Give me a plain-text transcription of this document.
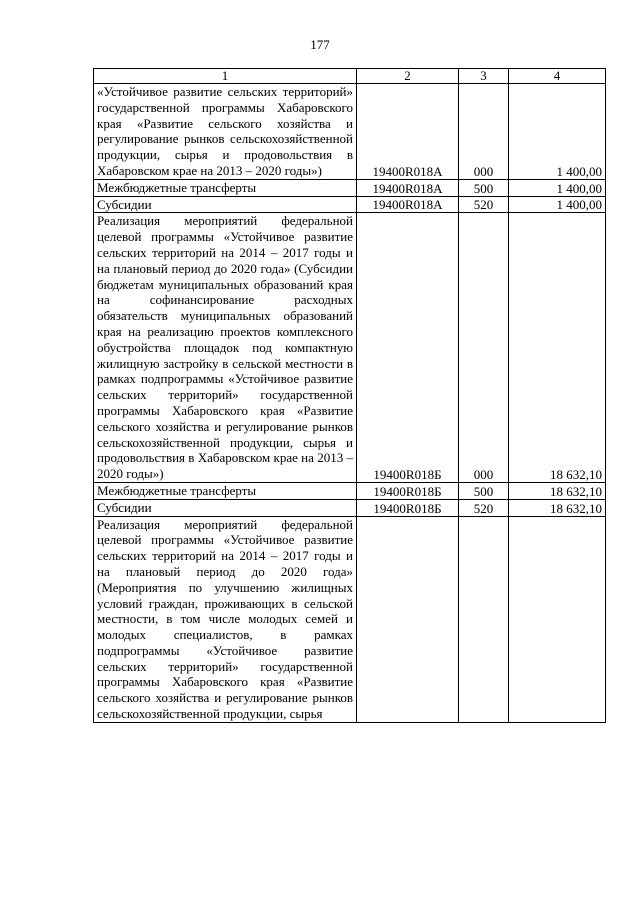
177
1	2	3	4
«Устойчивое развитие сельских территорий» государственной программы Хабаровского края «Развитие сельского хозяйства и регулирование рынков сельскохозяйственной продукции, сырья и продовольствия в Хабаровском крае на 2013 – 2020 годы»)	19400R018A	000	1 400,00
Межбюджетные трансферты	19400R018A	500	1 400,00
Субсидии	19400R018A	520	1 400,00
Реализация мероприятий федеральной целевой программы «Устойчивое развитие сельских территорий на 2014 – 2017 годы и на плановый период до 2020 года» (Субсидии бюджетам муниципальных образований края на софинансирование расходных обязательств муниципальных образований края на реализацию проектов комплексного обустройства площадок под компактную жилищную застройку в сельской местности в рамках подпрограммы «Устойчивое развитие сельских территорий» государственной программы Хабаровского края «Развитие сельского хозяйства и регулирование рынков сельскохозяйственной продукции, сырья и продовольствия в Хабаровском крае на 2013 – 2020 годы»)	19400R018Б	000	18 632,10
Межбюджетные трансферты	19400R018Б	500	18 632,10
Субсидии	19400R018Б	520	18 632,10
Реализация мероприятий федеральной целевой программы «Устойчивое развитие сельских территорий на 2014 – 2017 годы и на плановый период до 2020 года» (Мероприятия по улучшению жилищных условий граждан, проживающих в сельской местности, в том числе молодых семей и молодых специалистов, в рамках подпрограммы «Устойчивое развитие сельских территорий» государственной программы Хабаровского края «Развитие сельского хозяйства и регулирование рынков сельскохозяйственной продукции, сырья			
